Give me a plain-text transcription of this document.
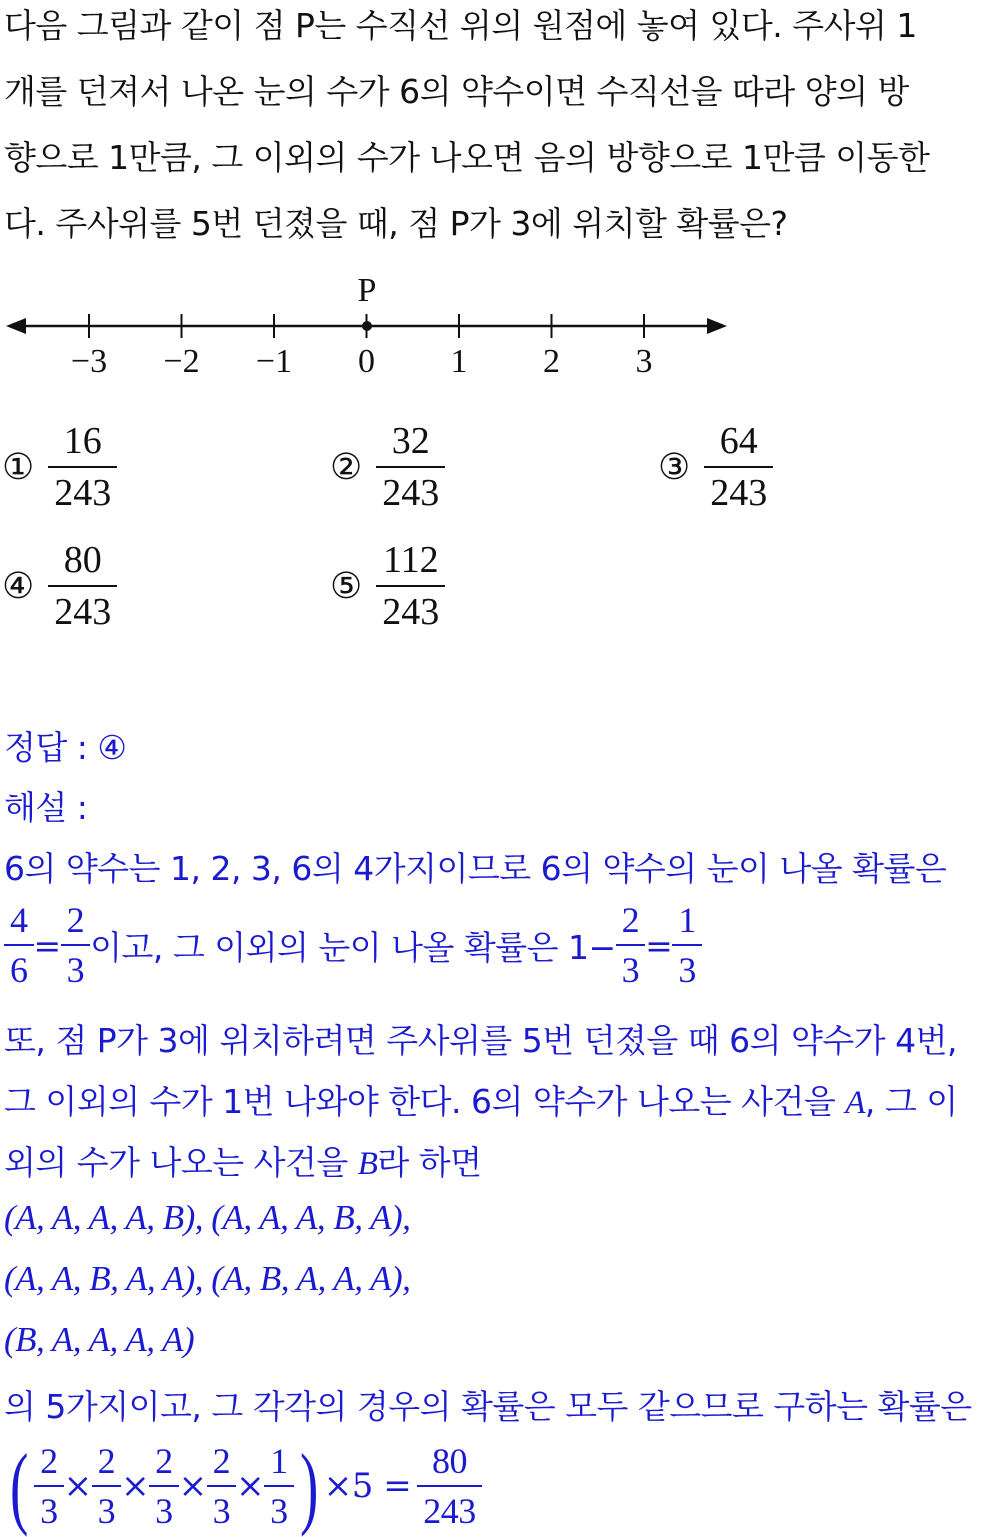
다음 그림과 같이 점 P는 수직선 위의 원점에 놓여 있다. 주사위 1
개를 던져서 나온 눈의 수가 6의 약수이면 수직선을 따라 양의 방
향으로 1만큼, 그 이외의 수가 나오면 음의 방향으로 1만큼 이동한
다. 주사위를 5번 던졌을 때, 점 P가 3에 위치할 확률은?
−3 −2 −1 0 1 2 3
P
① $\frac{16}{243}$	② $\frac{32}{243}$	③ $\frac{64}{243}$
④ $\frac{80}{243}$	⑤ $\frac{112}{243}$
정답 : ④
해설 :
6의 약수는 1, 2, 3, 6의 4가지이므로 6의 약수의 눈이 나올 확률은
$\frac{4}{6} = \frac{2}{3}$ 이고, 그 이외의 눈이 나올 확률은 $1- \frac{2}{3} = \frac{1}{3}$
또, 점 P가 3에 위치하려면 주사위를 5번 던졌을 때 6의 약수가 4번,
그 이외의 수가 1번 나와야 한다. 6의 약수가 나오는 사건을 A, 그 이
외의 수가 나오는 사건을 B라 하면
(A, A, A, A, B), (A, A, A, B, A),
(A, A, B, A, A), (A, B, A, A, A),
(B, A, A, A, A)
의 5가지이고, 그 각각의 경우의 확률은 모두 같으므로 구하는 확률은
( $\frac{2}{3} \times \frac{2}{3} \times \frac{2}{3} \times \frac{2}{3} \times \frac{1}{3}$ ) $\times 5 = \frac{80}{243}$
